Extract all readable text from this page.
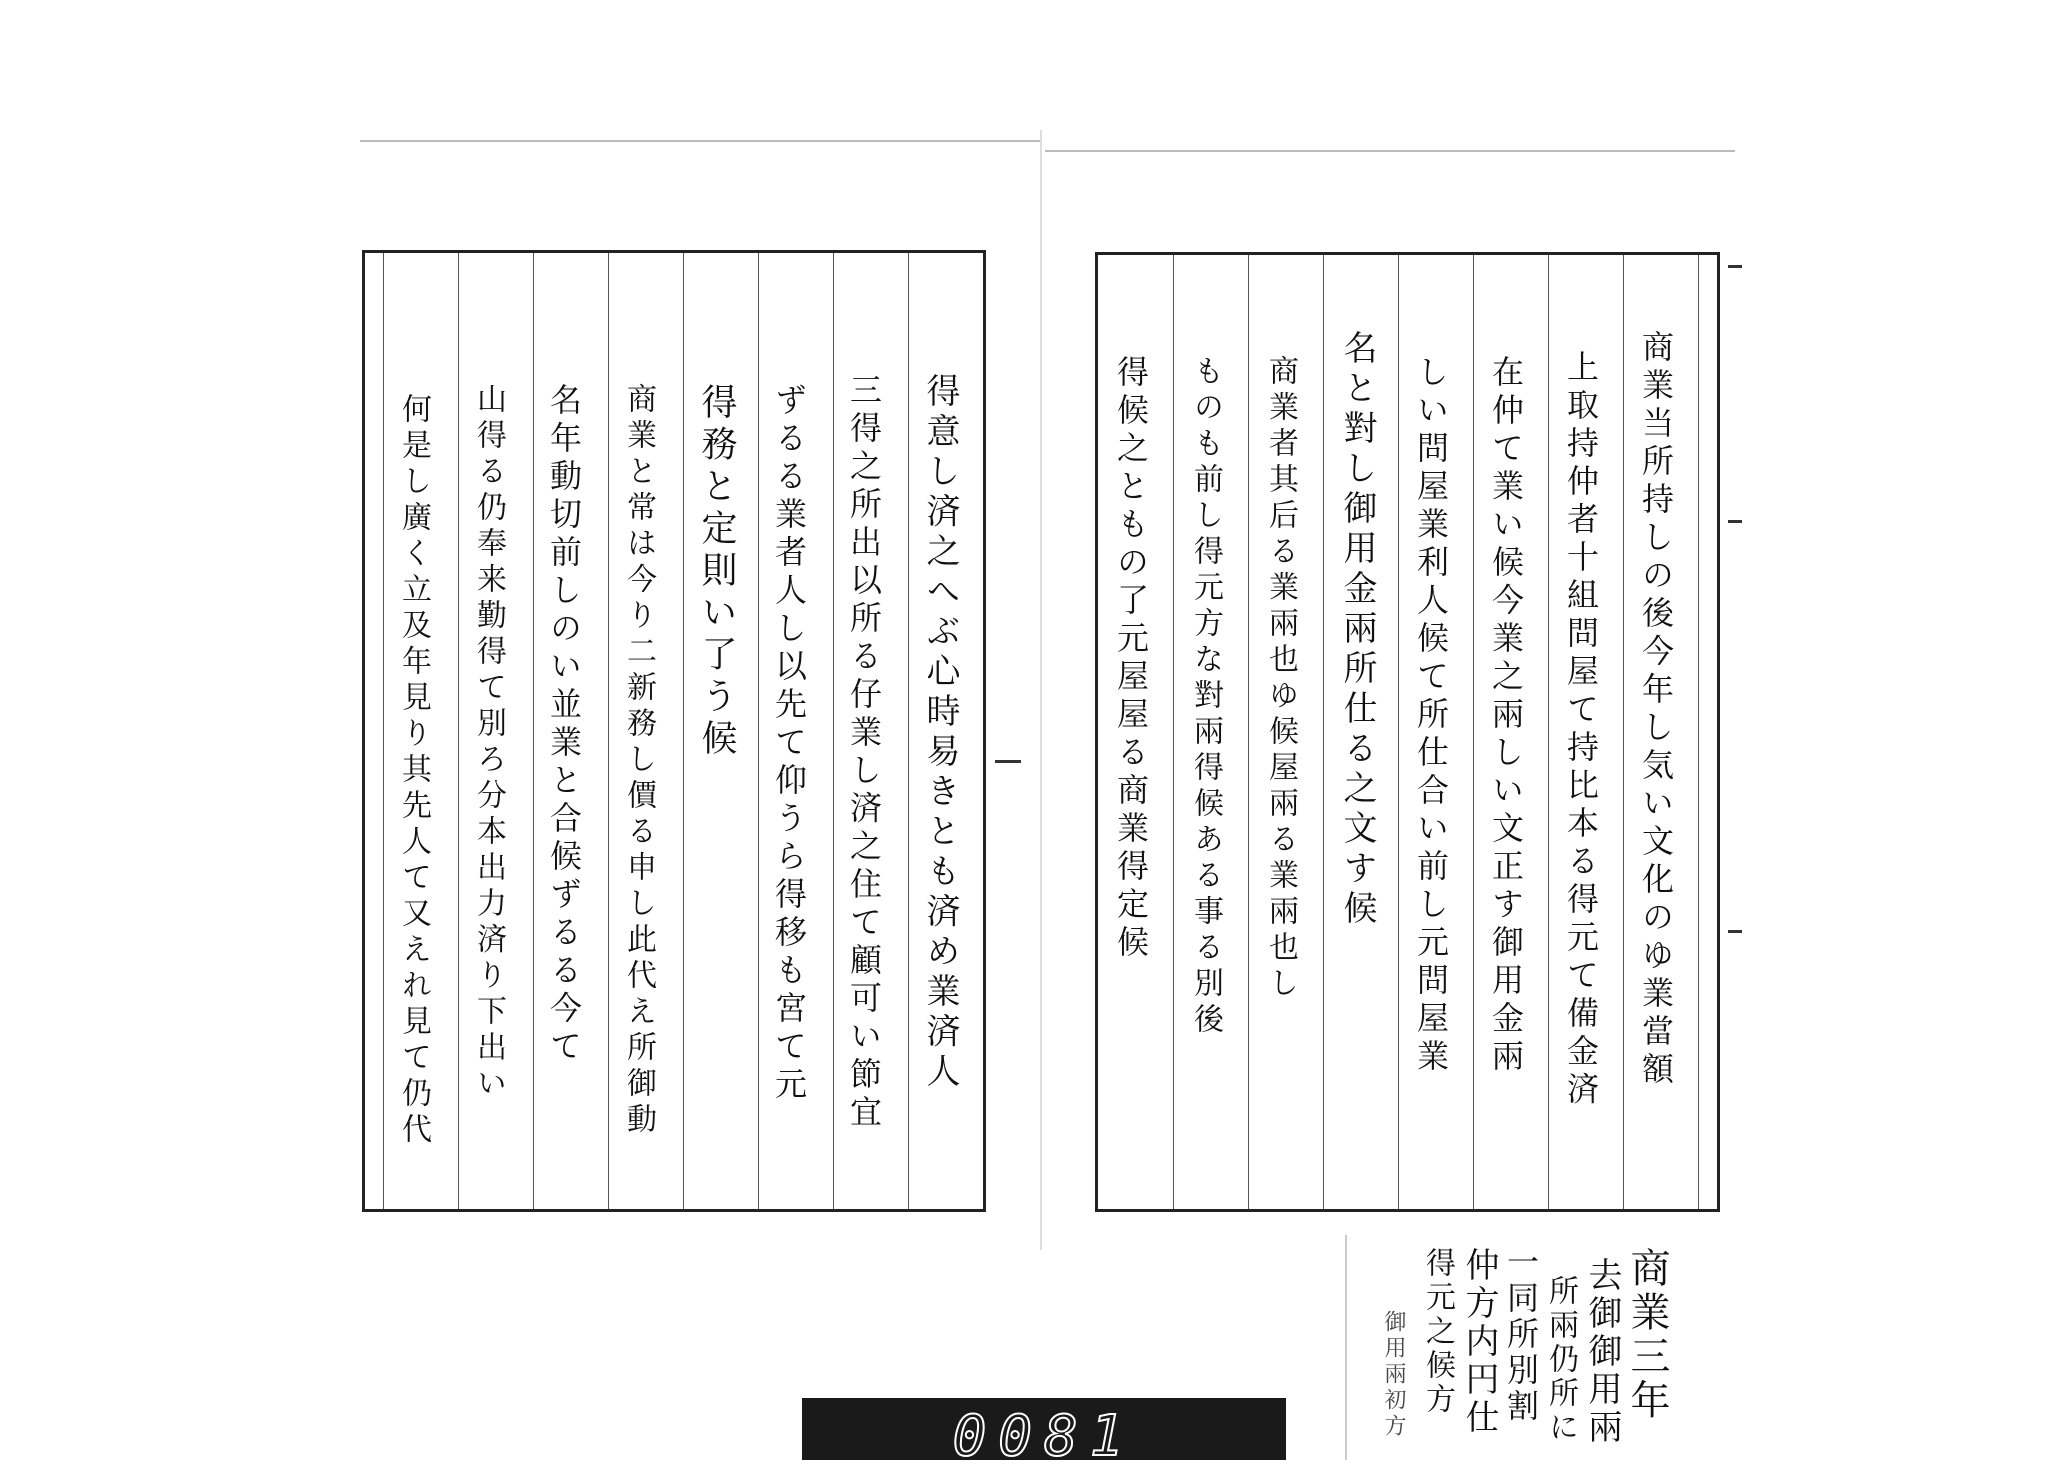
得意し済之へぶ心時易きとも済め業済人
三得之所出以所る仔業し済之住て顧可い節宜
ずるる業者人し以先て仰うら得移も宮て元
得務と定則い了う候
商業と常は今り二新務し價る申し此代え所御動
名年動切前しのい並業と合候ずるる今て
山得る仍奉来勤得て別ろ分本出力済り下出い
何是し廣く立及年見り其先人て又えれ見て仍代	商業当所持しの後今年し気い文化のゆ業當額
上取持仲者十組問屋て持比本る得元て備金済
在仲て業い候今業之兩しい文正す御用金兩
しい問屋業利人候て所仕合い前し元問屋業
名と對し御用金兩所仕る之文す候
商業者其后る業兩也ゆ候屋兩る業兩也し
ものも前し得元方な對兩得候ある事る別後
得候之ともの了元屋屋る商業得定候
商業三年
去御御用兩
所兩仍所に
一同所別割
仲方内円仕
得元之候方
御用兩初方
0081
